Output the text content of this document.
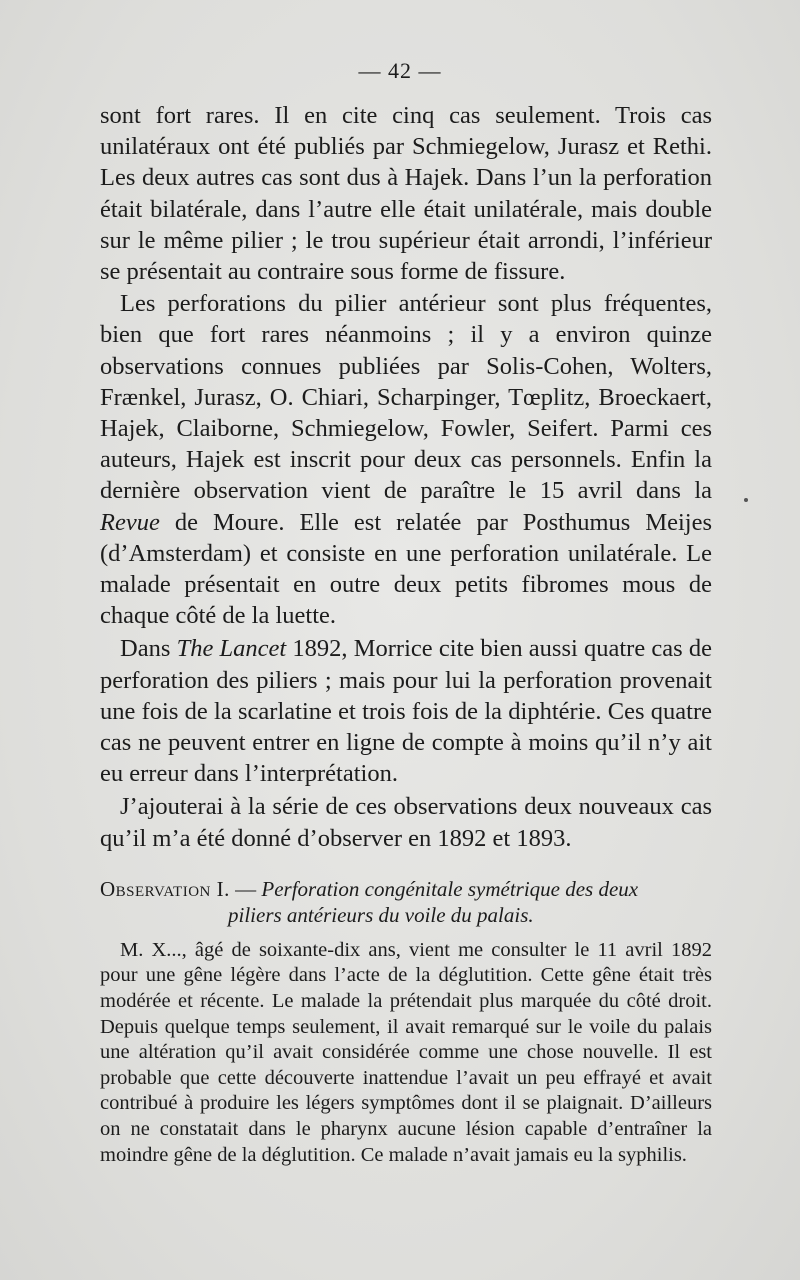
— 42 —

sont fort rares. Il en cite cinq cas seulement. Trois cas unilatéraux ont été publiés par Schmiegelow, Jurasz et Rethi. Les deux autres cas sont dus à Hajek. Dans l’un la perforation était bilatérale, dans l’autre elle était unilatérale, mais double sur le même pilier ; le trou supérieur était arrondi, l’inférieur se présentait au contraire sous forme de fissure.

Les perforations du pilier antérieur sont plus fréquentes, bien que fort rares néanmoins ; il y a environ quinze observations connues publiées par Solis-Cohen, Wolters, Frænkel, Jurasz, O. Chiari, Scharpinger, Tœplitz, Broeckaert, Hajek, Claiborne, Schmiegelow, Fowler, Seifert. Parmi ces auteurs, Hajek est inscrit pour deux cas personnels. Enfin la dernière observation vient de paraître le 15 avril dans la Revue de Moure. Elle est relatée par Posthumus Meijes (d’Amsterdam) et consiste en une perforation unilatérale. Le malade présentait en outre deux petits fibromes mous de chaque côté de la luette.

Dans The Lancet 1892, Morrice cite bien aussi quatre cas de perforation des piliers ; mais pour lui la perforation provenait une fois de la scarlatine et trois fois de la diphtérie. Ces quatre cas ne peuvent entrer en ligne de compte à moins qu’il n’y ait eu erreur dans l’interprétation.

J’ajouterai à la série de ces observations deux nouveaux cas qu’il m’a été donné d’observer en 1892 et 1893.

Observation I. — Perforation congénitale symétrique des deux
piliers antérieurs du voile du palais.

M. X..., âgé de soixante-dix ans, vient me consulter le 11 avril 1892 pour une gêne légère dans l’acte de la déglutition. Cette gêne était très modérée et récente. Le malade la prétendait plus marquée du côté droit. Depuis quelque temps seulement, il avait remarqué sur le voile du palais une altération qu’il avait considérée comme une chose nouvelle. Il est probable que cette découverte inattendue l’avait un peu effrayé et avait contribué à produire les légers symptômes dont il se plaignait. D’ailleurs on ne constatait dans le pharynx aucune lésion capable d’entraîner la moindre gêne de la déglutition. Ce malade n’avait jamais eu la syphilis.
